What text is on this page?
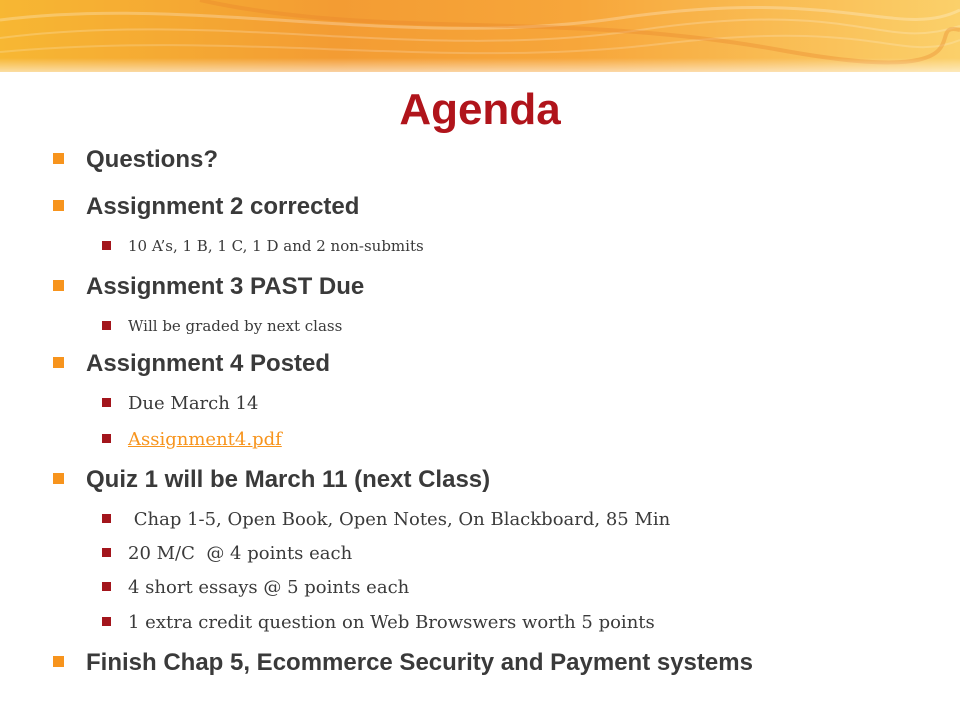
Agenda
Questions?
Assignment 2 corrected
10 A’s, 1 B, 1 C, 1 D and 2 non-submits
Assignment 3 PAST Due
Will be graded by next class
Assignment 4 Posted
Due March 14
Assignment4.pdf
Quiz 1 will be March 11 (next Class)
Chap 1-5, Open Book, Open Notes, On Blackboard, 85 Min
20 M/C  @ 4 points each
4 short essays @ 5 points each
1 extra credit question on Web Browswers worth 5 points
Finish Chap 5, Ecommerce Security and Payment systems
